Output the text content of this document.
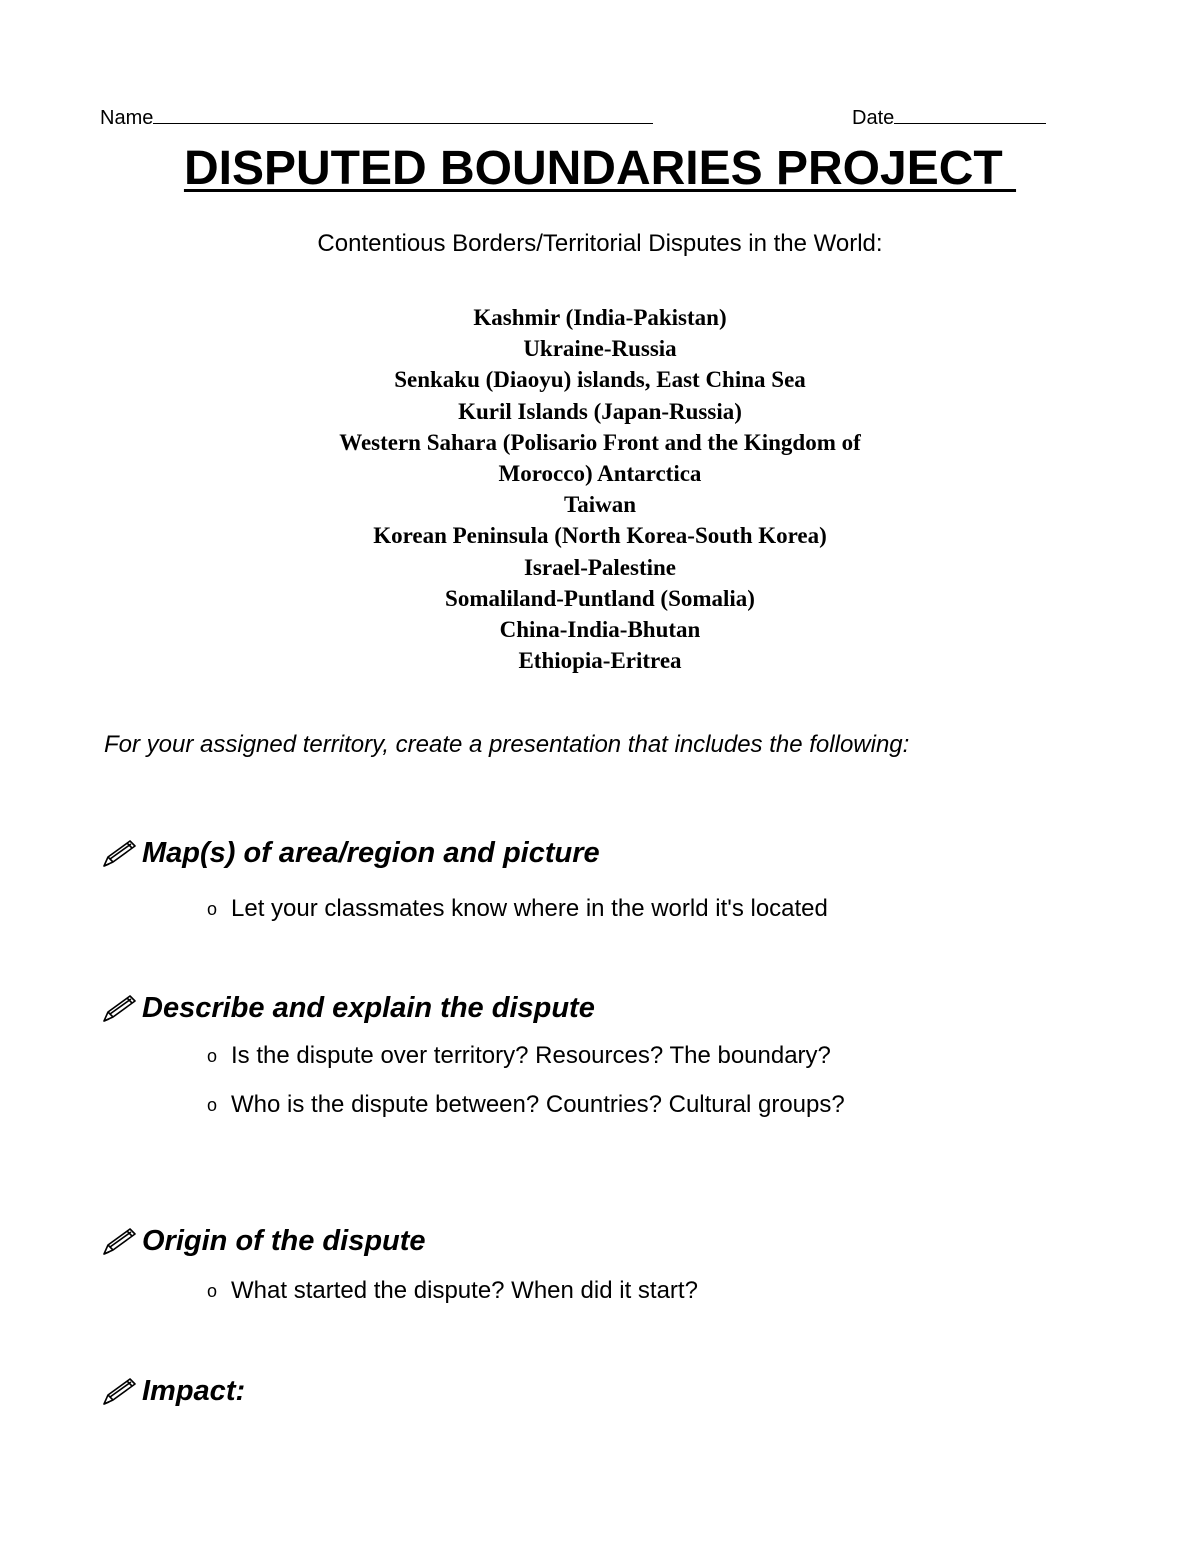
Name	Date
DISPUTED BOUNDARIES PROJECT
Contentious Borders/Territorial Disputes in the World:
Kashmir (India-Pakistan)
Ukraine-Russia
Senkaku (Diaoyu) islands, East China Sea
Kuril Islands (Japan-Russia)
Western Sahara (Polisario Front and the Kingdom of
Morocco) Antarctica
Taiwan
Korean Peninsula (North Korea-South Korea)
Israel-Palestine
Somaliland-Puntland (Somalia)
China-India-Bhutan
Ethiopia-Eritrea
For your assigned territory, create a presentation that includes the following:
Map(s) of area/region and picture
o Let your classmates know where in the world it's located
Describe and explain the dispute
o Is the dispute over territory? Resources? The boundary?
o Who is the dispute between? Countries? Cultural groups?
Origin of the dispute
o What started the dispute? When did it start?
Impact:
